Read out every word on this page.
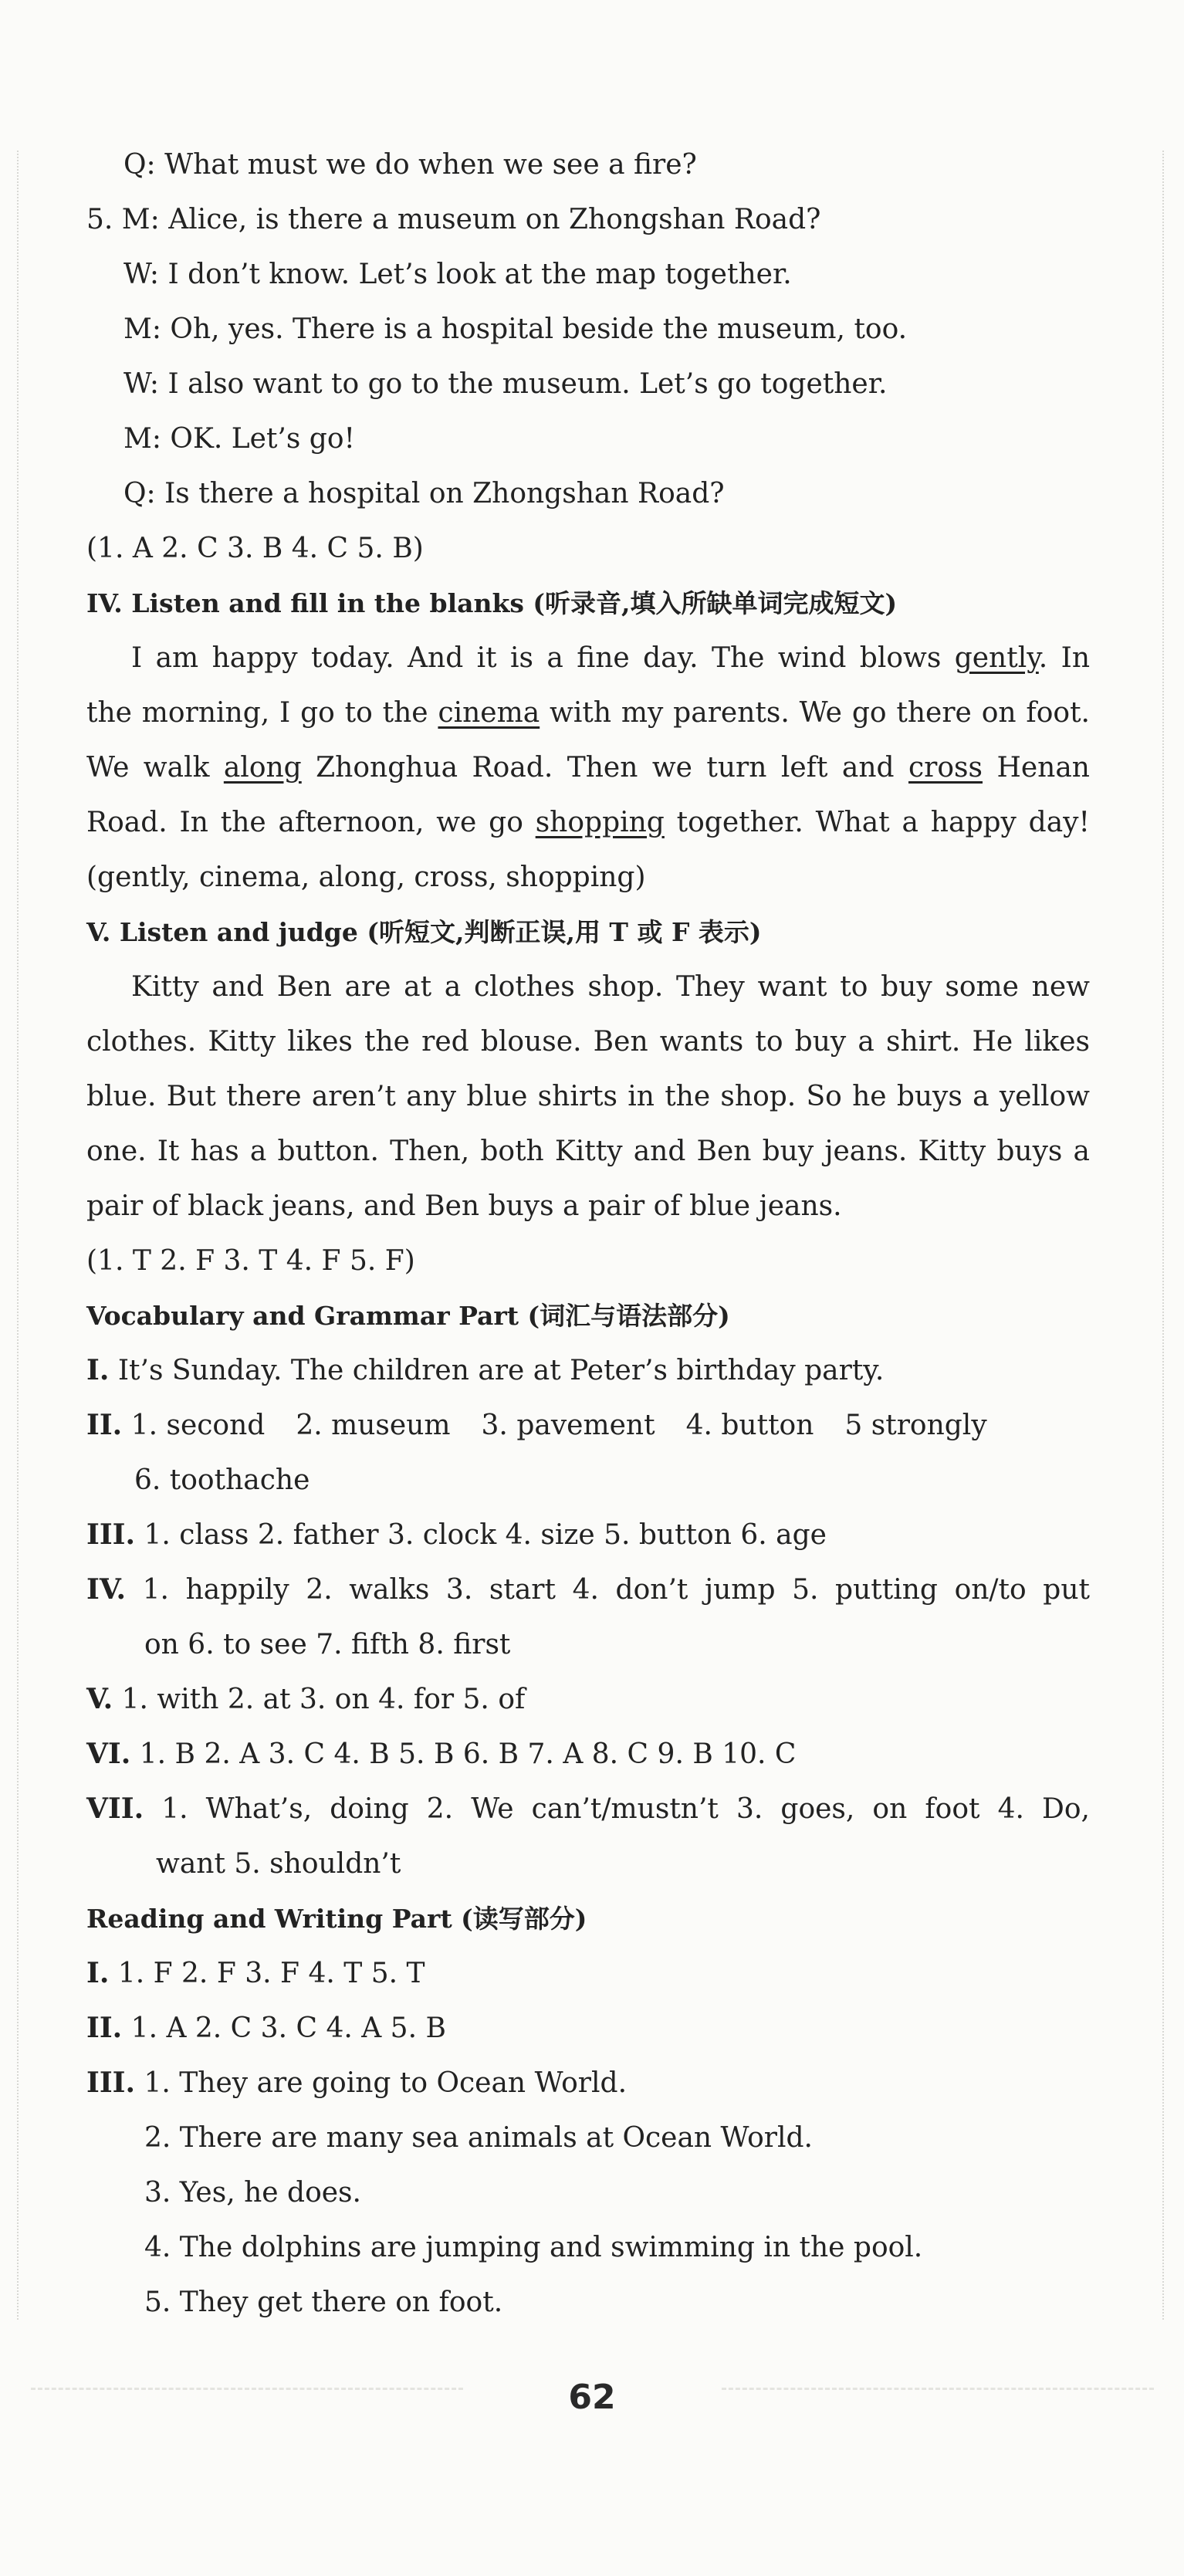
Q: What must we do when we see a fire?
5. M: Alice, is there a museum on Zhongshan Road?
W: I don’t know. Let’s look at the map together.
M: Oh, yes. There is a hospital beside the museum, too.
W: I also want to go to the museum. Let’s go together.
M: OK. Let’s go!
Q: Is there a hospital on Zhongshan Road?
(1. A 2. C 3. B 4. C 5. B)
IV. Listen and fill in the blanks (听录音,填入所缺单词完成短文)
I am happy today. And it is a fine day. The wind blows gently. In
the morning, I go to the cinema with my parents. We go there on foot.
We walk along Zhonghua Road. Then we turn left and cross Henan
Road. In the afternoon, we go shopping together. What a happy day!
(gently, cinema, along, cross, shopping)
V. Listen and judge (听短文,判断正误,用 T 或 F 表示)
Kitty and Ben are at a clothes shop. They want to buy some new
clothes. Kitty likes the red blouse. Ben wants to buy a shirt. He likes
blue. But there aren’t any blue shirts in the shop. So he buys a yellow
one. It has a button. Then, both Kitty and Ben buy jeans. Kitty buys a
pair of black jeans, and Ben buys a pair of blue jeans.
(1. T 2. F 3. T 4. F 5. F)
Vocabulary and Grammar Part (词汇与语法部分)
I. It’s Sunday. The children are at Peter’s birthday party.
II. 1. second 2. museum 3. pavement 4. button 5 strongly
6. toothache
III. 1. class 2. father 3. clock 4. size 5. button 6. age
IV. 1. happily 2. walks 3. start 4. don’t jump 5. putting on/to put
on 6. to see 7. fifth 8. first
V. 1. with 2. at 3. on 4. for 5. of
VI. 1. B 2. A 3. C 4. B 5. B 6. B 7. A 8. C 9. B 10. C
VII. 1. What’s, doing 2. We can’t/mustn’t 3. goes, on foot 4. Do,
want 5. shouldn’t
Reading and Writing Part (读写部分)
I. 1. F 2. F 3. F 4. T 5. T
II. 1. A 2. C 3. C 4. A 5. B
III. 1. They are going to Ocean World.
2. There are many sea animals at Ocean World.
3. Yes, he does.
4. The dolphins are jumping and swimming in the pool.
5. They get there on foot.
62
